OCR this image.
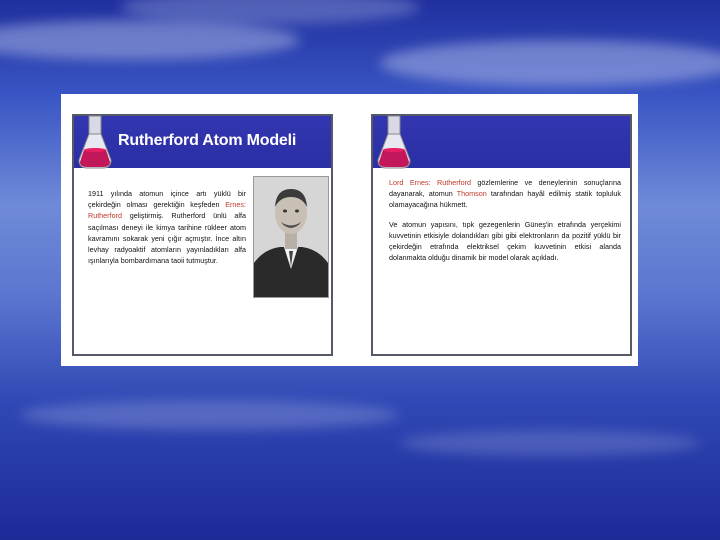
Rutherford Atom Modeli
1911 yılında atomun içince artı yüklü bir çekirdeğin olması gerektiğin keşfeden Ernes: Rutherford geliştirmiş. Rutherford ünlü alfa saçılması deneyi ile kimya tarihine rükleer atom kavramını sokarak yeni çığır açmıştır. İnce altın levhay radyoaktif atomların yayınladıkları alfa ışınlarıyla bombardımana taoii tutmuştur.

Lord Ernes: Rutherford gözlemlerine ve deneylerinin sonuçlarına dayanarak, atomun Thomson tarafından hayâl edilmiş statik topluluk olamayacağına hükmett.

Ve atomun yapısını, tıpk gezegenlerin Güneş'in etrafında yerçekimi kuvvetinin etkisiyle dolandıkları gibi gibi elektronların da pozitif yüklü bir çekirdeğin etrafında elektriksel çekim kuvvetinin etkisi alanda dolanmakta olduğu dinamik bir model olarak açıkladı.
